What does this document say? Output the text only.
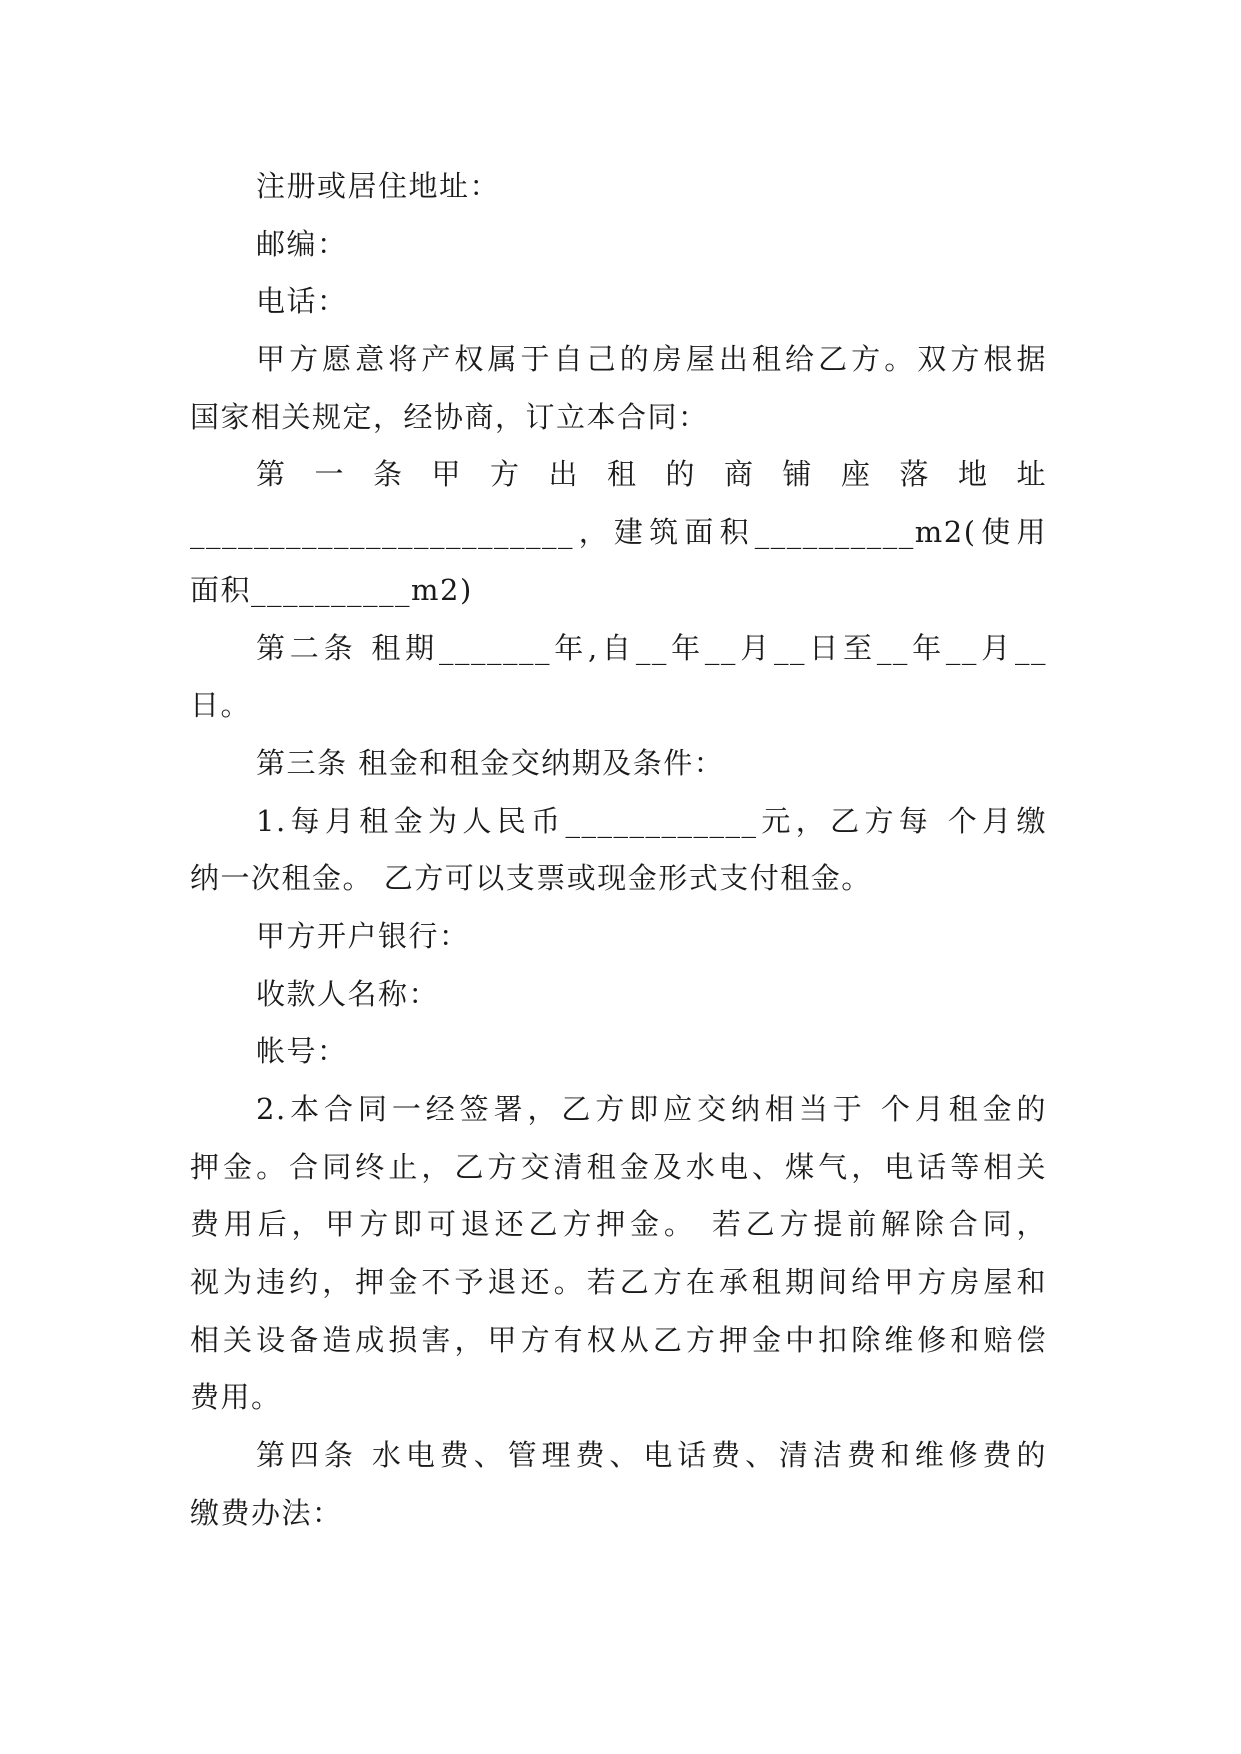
注册或居住地址：
邮编：
电话：
甲方愿意将产权属于自己的房屋出租给乙方。双方根据
国家相关规定，经协商，订立本合同：
第 一 条 甲 方 出 租 的 商 铺 座 落 地 址
________________________，建筑面积__________m2(使用
面积__________m2)
第二条 租期_______年,自__年__月__日至__年__月__
日。
第三条 租金和租金交纳期及条件：
1.每月租金为人民币____________元，乙方每 个月缴
纳一次租金。 乙方可以支票或现金形式支付租金。
甲方开户银行：
收款人名称：
帐号：
2.本合同一经签署，乙方即应交纳相当于 个月租金的
押金。合同终止，乙方交清租金及水电、煤气，电话等相关
费用后，甲方即可退还乙方押金。 若乙方提前解除合同，
视为违约，押金不予退还。若乙方在承租期间给甲方房屋和
相关设备造成损害，甲方有权从乙方押金中扣除维修和赔偿
费用。
第四条 水电费、管理费、电话费、清洁费和维修费的
缴费办法：
